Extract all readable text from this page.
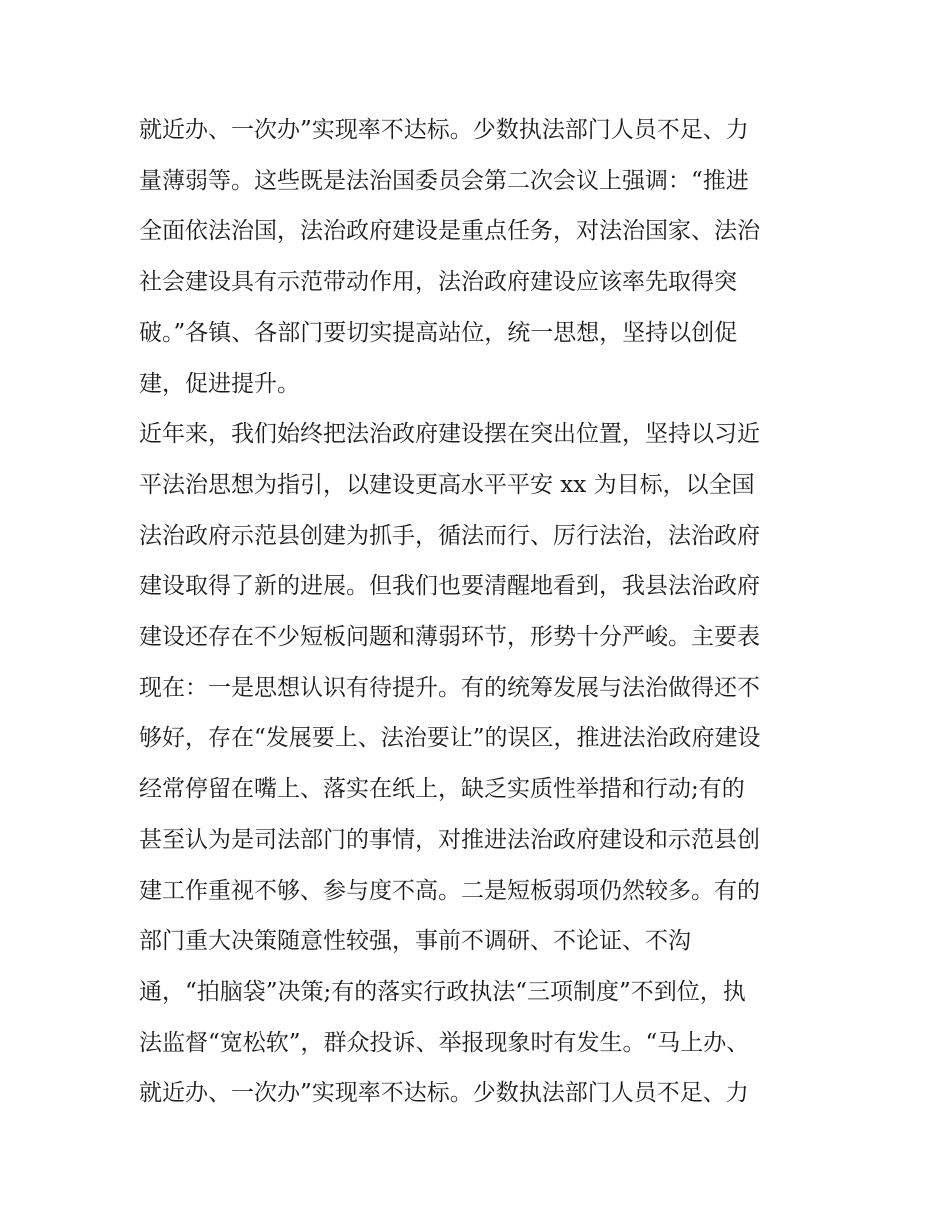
就近办、一次办”实现率不达标。少数执法部门人员不足、力
量薄弱等。这些既是法治国委员会第二次会议上强调：“推进
全面依法治国，法治政府建设是重点任务，对法治国家、法治
社会建设具有示范带动作用，法治政府建设应该率先取得突
破。”各镇、各部门要切实提高站位，统一思想，坚持以创促
建，促进提升。
近年来，我们始终把法治政府建设摆在突出位置，坚持以习近
平法治思想为指引，以建设更高水平平安 xx 为目标，以全国
法治政府示范县创建为抓手，循法而行、厉行法治，法治政府
建设取得了新的进展。但我们也要清醒地看到，我县法治政府
建设还存在不少短板问题和薄弱环节，形势十分严峻。主要表
现在：一是思想认识有待提升。有的统筹发展与法治做得还不
够好，存在“发展要上、法治要让”的误区，推进法治政府建设
经常停留在嘴上、落实在纸上，缺乏实质性举措和行动;有的
甚至认为是司法部门的事情，对推进法治政府建设和示范县创
建工作重视不够、参与度不高。二是短板弱项仍然较多。有的
部门重大决策随意性较强，事前不调研、不论证、不沟
通，“拍脑袋”决策;有的落实行政执法“三项制度”不到位，执
法监督“宽松软”，群众投诉、举报现象时有发生。“马上办、
就近办、一次办”实现率不达标。少数执法部门人员不足、力
